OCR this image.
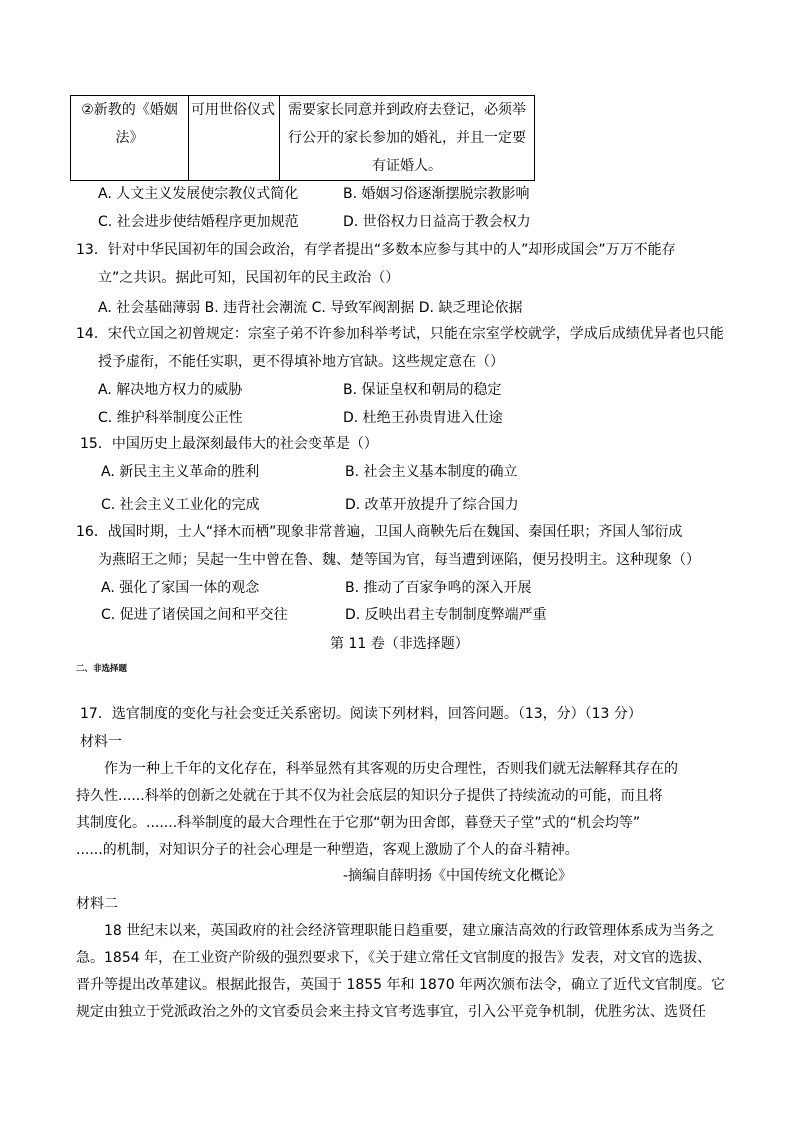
②新教的《婚姻法》	可用世俗仪式	需要家长同意并到政府去登记，必须举行公开的家长参加的婚礼，并且一定要有证婚人。
A. 人文主义发展使宗教仪式简化	B. 婚姻习俗逐渐摆脱宗教影响
C. 社会进步使结婚程序更加规范	D. 世俗权力日益高于教会权力
13．针对中华民国初年的国会政治，有学者提出“多数本应参与其中的人”却形成国会”万万不能存
立”之共识。据此可知，民国初年的民主政治（）
A. 社会基础薄弱 B. 违背社会潮流 C. 导致军阀割据 D. 缺乏理论依据
14．宋代立国之初曾规定：宗室子弟不许参加科举考试，只能在宗室学校就学，学成后成绩优异者也只能
授予虚衔，不能任实职，更不得填补地方官缺。这些规定意在（）
A. 解决地方权力的威胁	B. 保证皇权和朝局的稳定
C. 维护科举制度公正性	D. 杜绝王孙贵胄进入仕途
15．中国历史上最深刻最伟大的社会变革是（）
A. 新民主主义革命的胜利	B. 社会主义基本制度的确立
C. 社会主义工业化的完成	D. 改革开放提升了综合国力
16．战国时期，士人“择木而栖”现象非常普遍，卫国人商鞅先后在魏国、秦国任职；齐国人邹衍成
为燕昭王之师；吴起一生中曾在鲁、魏、楚等国为官，每当遭到诬陷，便另投明主。这种现象（）
A. 强化了家国一体的观念	B. 推动了百家争鸣的深入开展
C. 促进了诸侯国之间和平交往	D. 反映出君主专制制度弊端严重
第 11 卷（非选择题）
二、非选择题
17．选官制度的变化与社会变迁关系密切。阅读下列材料，回答问题。（13，分）（13 分）
材料一
作为一种上千年的文化存在，科举显然有其客观的历史合理性，否则我们就无法解释其存在的
持久性......科举的创新之处就在于其不仅为社会底层的知识分子提供了持续流动的可能，而且将
其制度化。.......科举制度的最大合理性在于它那“朝为田舍郎，暮登天子堂”式的“机会均等”
......的机制，对知识分子的社会心理是一种塑造，客观上激励了个人的奋斗精神。
-摘编自薛明扬《中国传统文化概论》
材料二
18 世纪末以来，英国政府的社会经济管理职能日趋重要，建立廉洁高效的行政管理体系成为当务之
急。1854 年，在工业资产阶级的强烈要求下，《关于建立常任文官制度的报告》发表，对文官的选拔、
晋升等提出改革建议。根据此报告，英国于 1855 年和 1870 年两次颁布法令，确立了近代文官制度。它
规定由独立于党派政治之外的文官委员会来主持文官考选事宜，引入公平竞争机制，优胜劣汰、选贤任
